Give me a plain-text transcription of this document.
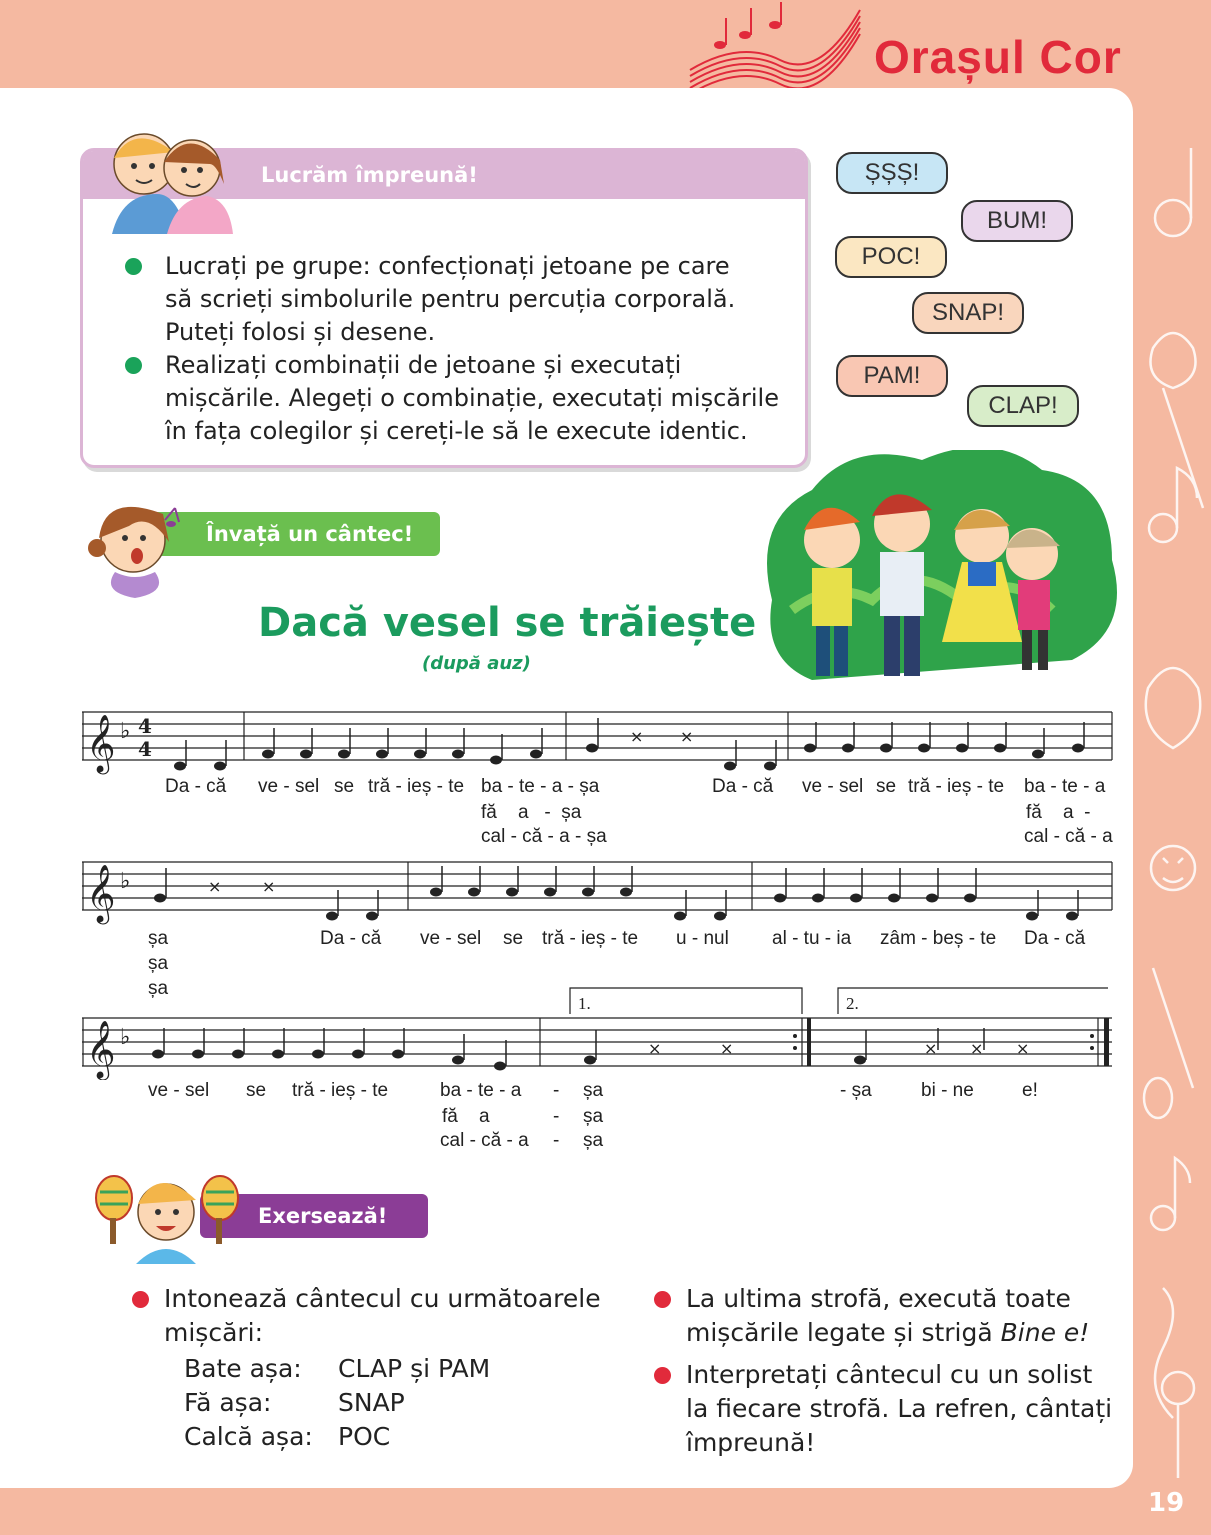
Orașul Cor
Lucrăm împreună!
Lucrați pe grupe: confecționați jetoane pe care
să scrieți simbolurile pentru percuția corporală.
Puteți folosi și desene.
Realizați combinații de jetoane și executați
mișcările. Alegeți o combinație, executați mișcările
în fața colegilor și cereți-le să le execute identic.
ȘȘȘ!
BUM!
POC!
SNAP!
PAM!
CLAP!
Învață un cântec!
Dacă vesel se trăiește
(după auz)
𝄞 ♭ 4
4
× ×
Da - că ve - sel se tră - ieș - te ba - te - a - șa	Da - că ve - sel se tră - ieș - te ba - te - a
fă    a   -  șa	fă    a  -
cal - că - a - șa	cal - că - a
𝄞 ♭	×	×
șa	Da - că ve - sel se tră - ieș - te u - nul al - tu - ia zâm - beș - te Da - că
șa
șa
1.	2.
𝄞 ♭	×	×	× × ×
ve - sel se tră - ieș - te	ba - te - a - șa	- șa	bi - ne	e!
fă    a	- șa
cal - că - a - șa
Exersează!
Intonează cântecul cu următoarele
mișcări:
Bate așa:	CLAP și PAM
Fă așa:	SNAP
Calcă așa:	POC
La ultima strofă, execută toate
mișcările legate și strigă Bine e!
Interpretați cântecul cu un solist
la fiecare strofă. La refren, cântați
împreună!
19
